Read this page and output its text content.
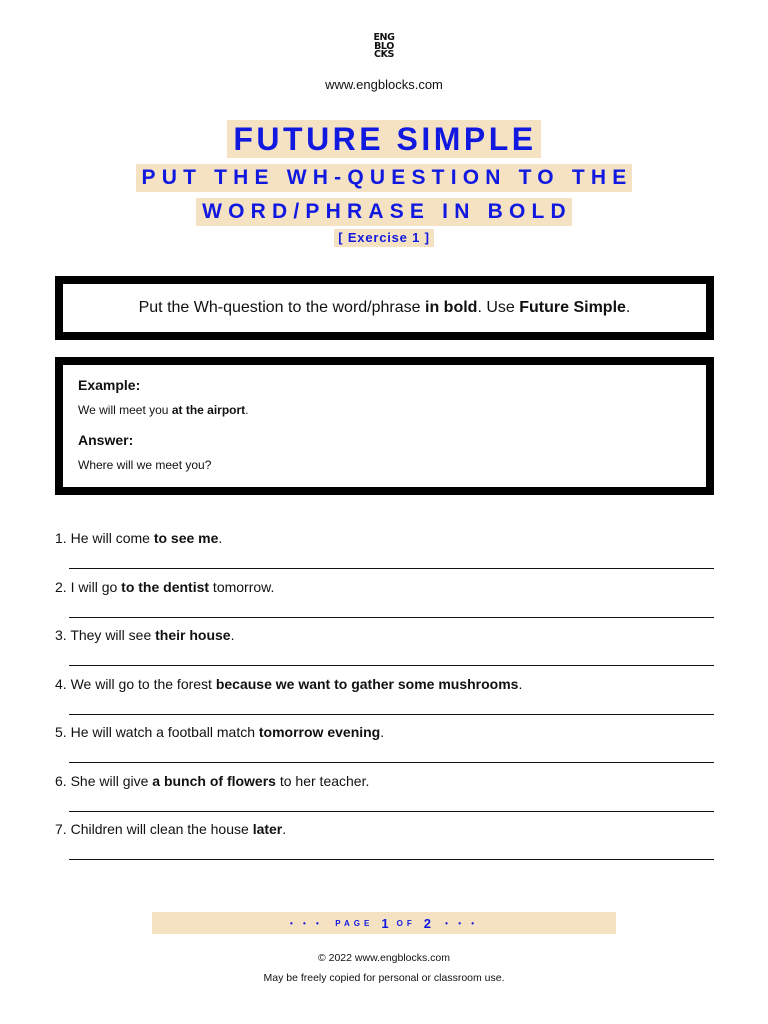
ENG
BLO
CKS
www.engblocks.com
FUTURE SIMPLE
PUT THE WH-QUESTION TO THE
WORD/PHRASE IN BOLD
[ Exercise 1 ]
Put the Wh-question to the word/phrase in bold. Use Future Simple.
Example:
We will meet you at the airport.
Answer:
Where will we meet you?
1. He will come to see me.
2. I will go to the dentist tomorrow.
3. They will see their house.
4. We will go to the forest because we want to gather some mushrooms.
5. He will watch a football match tomorrow evening.
6. She will give a bunch of flowers to her teacher.
7. Children will clean the house later.
• • •
PAGE 1 OF 2
• • •
© 2022 www.engblocks.com
May be freely copied for personal or classroom use.
